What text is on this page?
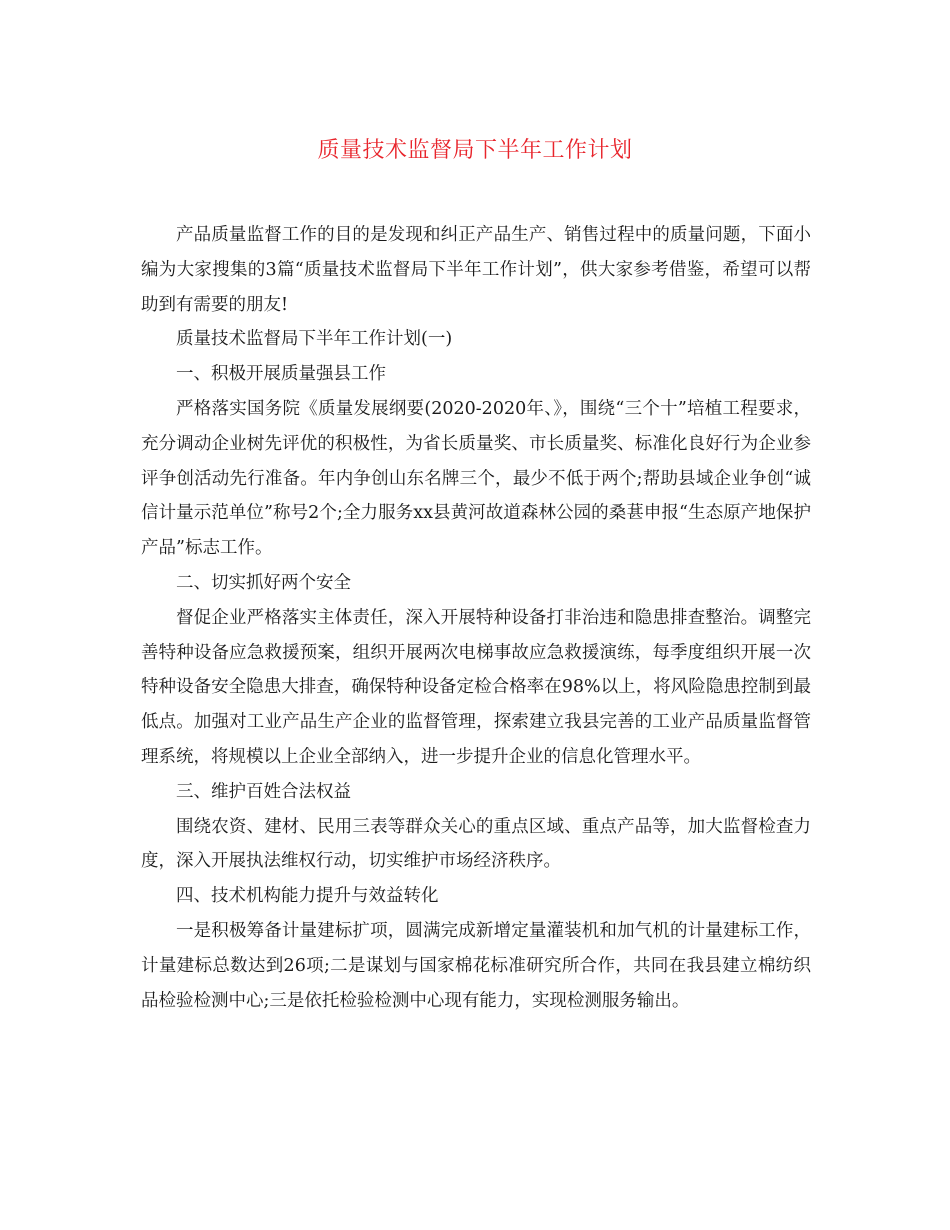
质量技术监督局下半年工作计划

产品质量监督工作的目的是发现和纠正产品生产、销售过程中的质量问题，下面小编为大家搜集的3篇“质量技术监督局下半年工作计划”，供大家参考借鉴，希望可以帮助到有需要的朋友!

质量技术监督局下半年工作计划(一)

一、积极开展质量强县工作

严格落实国务院《质量发展纲要(2020-2020年、》，围绕“三个十”培植工程要求，充分调动企业树先评优的积极性，为省长质量奖、市长质量奖、标准化良好行为企业参评争创活动先行准备。年内争创山东名牌三个，最少不低于两个;帮助县域企业争创“诚信计量示范单位”称号2个;全力服务xx县黄河故道森林公园的桑葚申报“生态原产地保护产品”标志工作。

二、切实抓好两个安全

督促企业严格落实主体责任，深入开展特种设备打非治违和隐患排查整治。调整完善特种设备应急救援预案，组织开展两次电梯事故应急救援演练，每季度组织开展一次特种设备安全隐患大排查，确保特种设备定检合格率在98%以上，将风险隐患控制到最低点。加强对工业产品生产企业的监督管理，探索建立我县完善的工业产品质量监督管理系统，将规模以上企业全部纳入，进一步提升企业的信息化管理水平。

三、维护百姓合法权益

围绕农资、建材、民用三表等群众关心的重点区域、重点产品等，加大监督检查力度，深入开展执法维权行动，切实维护市场经济秩序。

四、技术机构能力提升与效益转化

一是积极筹备计量建标扩项，圆满完成新增定量灌装机和加气机的计量建标工作，计量建标总数达到26项;二是谋划与国家棉花标准研究所合作，共同在我县建立棉纺织品检验检测中心;三是依托检验检测中心现有能力，实现检测服务输出。
